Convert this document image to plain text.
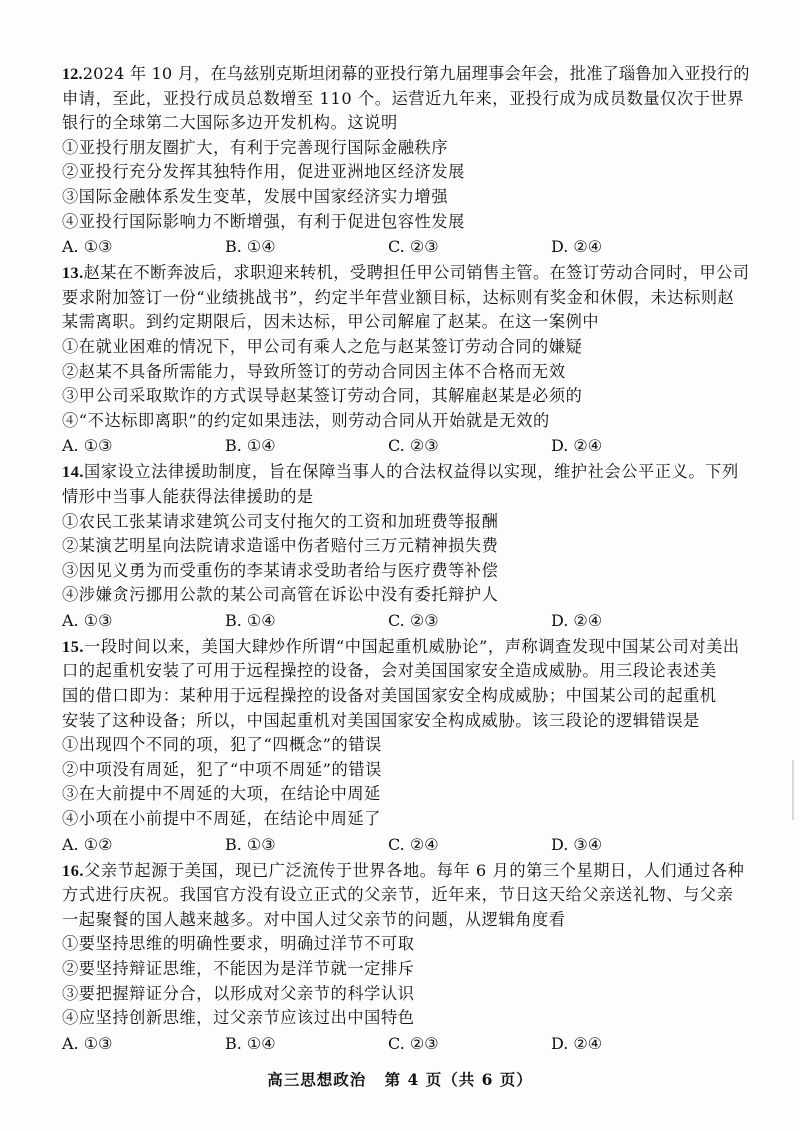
12.2024 年 10 月，在乌兹别克斯坦闭幕的亚投行第九届理事会年会，批准了瑙鲁加入亚投行的
申请，至此，亚投行成员总数增至 110 个。运营近九年来，亚投行成为成员数量仅次于世界
银行的全球第二大国际多边开发机构。这说明
①亚投行朋友圈扩大，有利于完善现行国际金融秩序
②亚投行充分发挥其独特作用，促进亚洲地区经济发展
③国际金融体系发生变革，发展中国家经济实力增强
④亚投行国际影响力不断增强，有利于促进包容性发展
A. ①③	B. ①④	C. ②③	D. ②④
13.赵某在不断奔波后，求职迎来转机，受聘担任甲公司销售主管。在签订劳动合同时，甲公司
要求附加签订一份“业绩挑战书”，约定半年营业额目标，达标则有奖金和休假，未达标则赵
某需离职。到约定期限后，因未达标，甲公司解雇了赵某。在这一案例中
①在就业困难的情况下，甲公司有乘人之危与赵某签订劳动合同的嫌疑
②赵某不具备所需能力，导致所签订的劳动合同因主体不合格而无效
③甲公司采取欺诈的方式误导赵某签订劳动合同，其解雇赵某是必须的
④“不达标即离职”的约定如果违法，则劳动合同从开始就是无效的
A. ①③	B. ①④	C. ②③	D. ②④
14.国家设立法律援助制度，旨在保障当事人的合法权益得以实现，维护社会公平正义。下列
情形中当事人能获得法律援助的是
①农民工张某请求建筑公司支付拖欠的工资和加班费等报酬
②某演艺明星向法院请求造谣中伤者赔付三万元精神损失费
③因见义勇为而受重伤的李某请求受助者给与医疗费等补偿
④涉嫌贪污挪用公款的某公司高管在诉讼中没有委托辩护人
A. ①③	B. ①④	C. ②③	D. ②④
15.一段时间以来，美国大肆炒作所谓“中国起重机威胁论”，声称调查发现中国某公司对美出
口的起重机安装了可用于远程操控的设备，会对美国国家安全造成威胁。用三段论表述美
国的借口即为：某种用于远程操控的设备对美国国家安全构成威胁；中国某公司的起重机
安装了这种设备；所以，中国起重机对美国国家安全构成威胁。该三段论的逻辑错误是
①出现四个不同的项，犯了“四概念”的错误
②中项没有周延，犯了“中项不周延”的错误
③在大前提中不周延的大项，在结论中周延
④小项在小前提中不周延，在结论中周延了
A. ①②	B. ①③	C. ②④	D. ③④
16.父亲节起源于美国，现已广泛流传于世界各地。每年 6 月的第三个星期日，人们通过各种
方式进行庆祝。我国官方没有设立正式的父亲节，近年来，节日这天给父亲送礼物、与父亲
一起聚餐的国人越来越多。对中国人过父亲节的问题，从逻辑角度看
①要坚持思维的明确性要求，明确过洋节不可取
②要坚持辩证思维，不能因为是洋节就一定排斥
③要把握辩证分合，以形成对父亲节的科学认识
④应坚持创新思维，过父亲节应该过出中国特色
A. ①③	B. ①④	C. ②③	D. ②④
高三思想政治 第 4 页（共 6 页）
